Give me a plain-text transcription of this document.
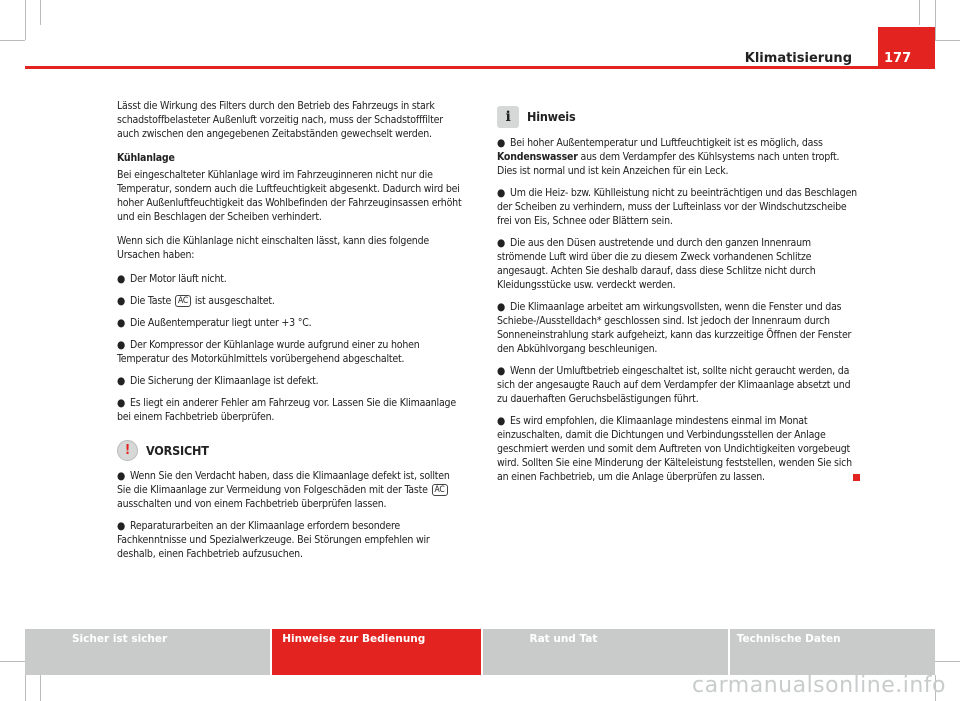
177
Klimatisierung

Lässt die Wirkung des Filters durch den Betrieb des Fahrzeugs in stark schadstoffbelasteter Außenluft vorzeitig nach, muss der Schadstofffilter auch zwischen den angegebenen Zeitabständen gewechselt werden.

Kühlanlage

Bei eingeschalteter Kühlanlage wird im Fahrzeuginneren nicht nur die Temperatur, sondern auch die Luftfeuchtigkeit abgesenkt. Dadurch wird bei hoher Außenluftfeuchtigkeit das Wohlbefinden der Fahrzeuginsassen erhöht und ein Beschlagen der Scheiben verhindert.

Wenn sich die Kühlanlage nicht einschalten lässt, kann dies folgende Ursachen haben:

● Der Motor läuft nicht.
● Die Taste AC ist ausgeschaltet.
● Die Außentemperatur liegt unter +3 °C.
● Der Kompressor der Kühlanlage wurde aufgrund einer zu hohen Temperatur des Motorkühlmittels vorübergehend abgeschaltet.
● Die Sicherung der Klimaanlage ist defekt.
● Es liegt ein anderer Fehler am Fahrzeug vor. Lassen Sie die Klimaanlage bei einem Fachbetrieb überprüfen.
!	VORSICHT
● Wenn Sie den Verdacht haben, dass die Klimaanlage defekt ist, sollten Sie die Klimaanlage zur Vermeidung von Folgeschäden mit der Taste AC ausschalten und von einem Fachbetrieb überprüfen lassen.
● Reparaturarbeiten an der Klimaanlage erfordern besondere Fachkenntnisse und Spezialwerkzeuge. Bei Störungen empfehlen wir deshalb, einen Fachbetrieb aufzusuchen.
i	Hinweis
● Bei hoher Außentemperatur und Luftfeuchtigkeit ist es möglich, dass Kondenswasser aus dem Verdampfer des Kühlsystems nach unten tropft. Dies ist normal und ist kein Anzeichen für ein Leck.
● Um die Heiz- bzw. Kühlleistung nicht zu beeinträchtigen und das Beschlagen der Scheiben zu verhindern, muss der Lufteinlass vor der Windschutzscheibe frei von Eis, Schnee oder Blättern sein.
● Die aus den Düsen austretende und durch den ganzen Innenraum strömende Luft wird über die zu diesem Zweck vorhandenen Schlitze angesaugt. Achten Sie deshalb darauf, dass diese Schlitze nicht durch Kleidungsstücke usw. verdeckt werden.
● Die Klimaanlage arbeitet am wirkungsvollsten, wenn die Fenster und das Schiebe-/Ausstelldach* geschlossen sind. Ist jedoch der Innenraum durch Sonneneinstrahlung stark aufgeheizt, kann das kurzzeitige Öffnen der Fenster den Abkühlvorgang beschleunigen.
● Wenn der Umluftbetrieb eingeschaltet ist, sollte nicht geraucht werden, da sich der angesaugte Rauch auf dem Verdampfer der Klimaanlage absetzt und zu dauerhaften Geruchsbelästigungen führt.
● Es wird empfohlen, die Klimaanlage mindestens einmal im Monat einzuschalten, damit die Dichtungen und Verbindungsstellen der Anlage geschmiert werden und somit dem Auftreten von Undichtigkeiten vorgebeugt wird. Sollten Sie eine Minderung der Kälteleistung feststellen, wenden Sie sich an einen Fachbetrieb, um die Anlage überprüfen zu lassen.
Sicher ist sicher	Hinweise zur Bedienung	Rat und Tat	Technische Daten
carmanualsonline.info
